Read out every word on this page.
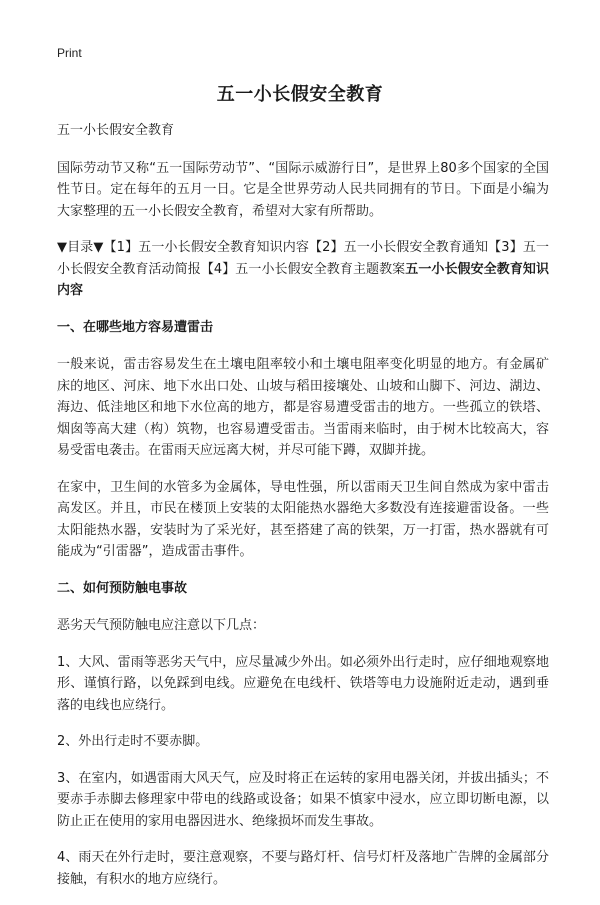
Print
五一小长假安全教育

五一小长假安全教育

国际劳动节又称“五一国际劳动节”、“国际示威游行日”，是世界上80多个国家的全国性节日。定在每年的五月一日。它是全世界劳动人民共同拥有的节日。下面是小编为大家整理的五一小长假安全教育，希望对大家有所帮助。

▼目录▼【1】五一小长假安全教育知识内容【2】五一小长假安全教育通知【3】五一小长假安全教育活动简报【4】五一小长假安全教育主题教案五一小长假安全教育知识内容

一、在哪些地方容易遭雷击

一般来说，雷击容易发生在土壤电阻率较小和土壤电阻率变化明显的地方。有金属矿床的地区、河床、地下水出口处、山坡与稻田接壤处、山坡和山脚下、河边、湖边、海边、低洼地区和地下水位高的地方，都是容易遭受雷击的地方。一些孤立的铁塔、烟囱等高大建（构）筑物，也容易遭受雷击。当雷雨来临时，由于树木比较高大，容易受雷电袭击。在雷雨天应远离大树，并尽可能下蹲，双脚并拢。

在家中，卫生间的水管多为金属体，导电性强，所以雷雨天卫生间自然成为家中雷击高发区。并且，市民在楼顶上安装的太阳能热水器绝大多数没有连接避雷设备。一些太阳能热水器，安装时为了采光好，甚至搭建了高的铁架，万一打雷，热水器就有可能成为“引雷器”，造成雷击事件。

二、如何预防触电事故

恶劣天气预防触电应注意以下几点：

1、大风、雷雨等恶劣天气中，应尽量减少外出。如必须外出行走时，应仔细地观察地形、谨慎行路，以免踩到电线。应避免在电线杆、铁塔等电力设施附近走动，遇到垂落的电线也应绕行。

2、外出行走时不要赤脚。

3、在室内，如遇雷雨大风天气，应及时将正在运转的家用电器关闭，并拔出插头；不要赤手赤脚去修理家中带电的线路或设备；如果不慎家中浸水，应立即切断电源，以防止正在使用的家用电器因进水、绝缘损坏而发生事故。

4、雨天在外行走时，要注意观察，不要与路灯杆、信号灯杆及落地广告牌的金属部分接触，有积水的地方应绕行。
